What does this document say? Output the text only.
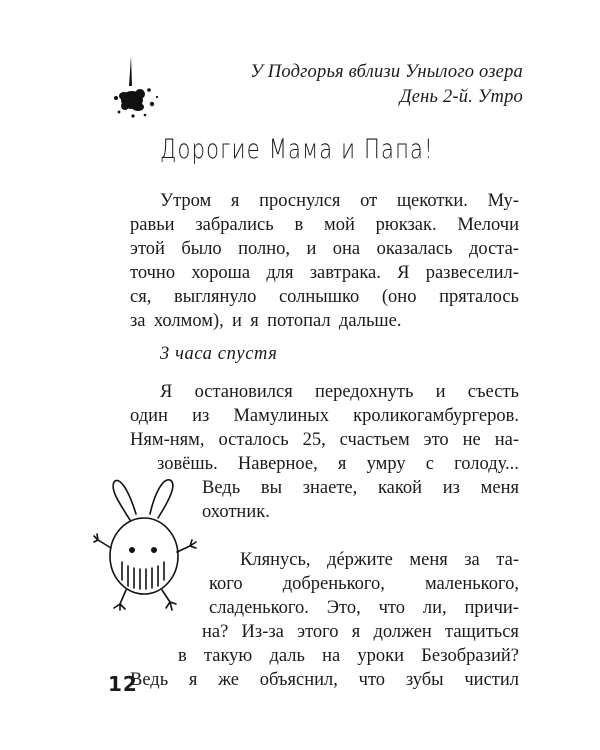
У Подгорья вблизи Унылого озера
День 2-й. Утро
Дорогие Мама и Папа!
Утром я проснулся от щекотки. Му-
равьи забрались в мой рюкзак. Мелочи
этой было полно, и она оказалась доста-
точно хороша для завтрака. Я развеселил-
ся, выглянуло солнышко (оно пряталось
за холмом), и я потопал дальше.
3 часа спустя
Я остановился передохнуть и съесть
один из Мамулиных кроликогамбургеров.
Ням-ням, осталось 25, счастьем это не на-
зовёшь. Наверное, я умру с голоду...
Ведь вы знаете, какой из меня
охотник.
Клянусь, дéржите меня за та-
кого добренького, маленького,
сладенького. Это, что ли, причи-
на? Из-за этого я должен тащиться
в такую даль на уроки Безобразий?
Ведь я же объяснил, что зубы чистил
12
